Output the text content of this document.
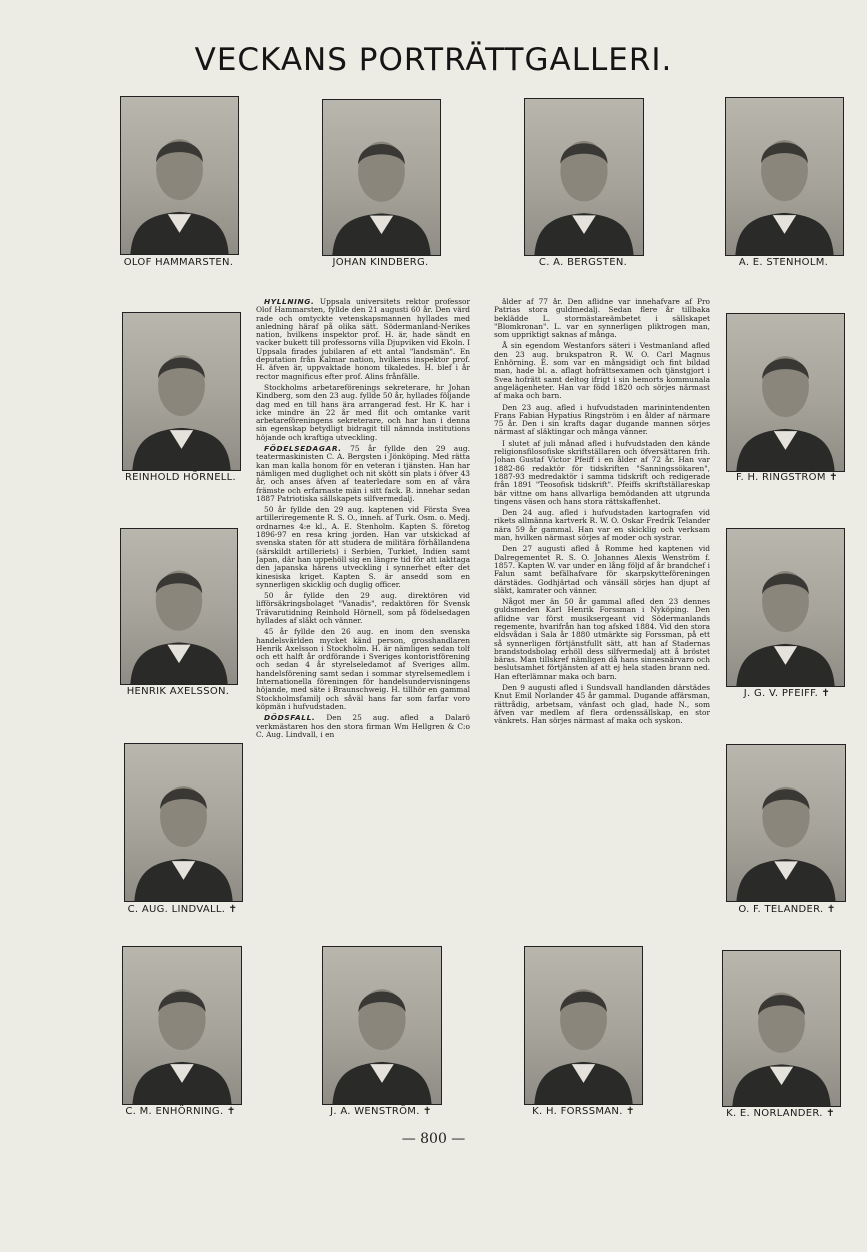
VECKANS PORTRÄTTGALLERI.
OLOF HAMMARSTEN.	JOHAN KINDBERG.	C. A. BERGSTEN.	A. E. STENHOLM.
REINHOLD HÖRNELL.
HENRIK AXELSSON.
C. AUG. LINDVALL. ✝
F. H. RINGSTRÖM ✝
J. G. V. PFEIFF. ✝
O. F. TELANDER. ✝
C. M. ENHÖRNING. ✝	J. A. WENSTRÖM. ✝	K. H. FORSSMAN. ✝	K. E. NORLANDER. ✝

HYLLNING. Uppsala universitets rektor professor Olof Hammarsten, fyllde den 21 augusti 60 år. Den värd rade och omtyckte vetenskapsmannen hyllades med anledning häraf på olika sätt. Södermanland-Nerikes nation, hvilkens inspektor prof. H. är, hade sändt en vacker bukett till professorns villa Djupviken vid Ekoln. I Uppsala firades jubilaren af ett antal "landsmän". En deputation från Kalmar nation, hvilkens inspektor prof. H. äfven är, uppvaktade honom tikaledes. H. blef i år rector magnificus efter prof. Alins frånfälle.

Stockholms arbetareförenings sekreterare, hr Johan Kindberg, som den 23 aug. fyllde 50 år, hyllades följande dag med en till hans ära arrangerad fest. Hr K. har i icke mindre än 22 år med flit och omtanke varit arbetareföreningens sekreterare, och har han i denna sin egenskap betydligt bidragit till nämnda institutions höjande och kraftiga utveckling.

FÖDELSEDAGAR. 75 år fyllde den 29 aug. teatermaskinisten C. A. Bergsten i Jönköping. Med rätta kan man kalla honom för en veteran i tjänsten. Han har nämligen med duglighet och nit skött sin plats i öfver 43 år, och anses äfven af teaterledare som en af våra främste och erfarnaste män i sitt fack. B. innehar sedan 1887 Patriotiska sällskapets silfvermedalj.

50 år fyllde den 29 aug. kaptenen vid Första Svea artilleriregemente R. S. O., inneh. af Turk. Osm. o. Medj. ordnarnes 4:e kl., A. E. Stenholm. Kapten S. företog 1896-97 en resa kring jorden. Han var utskickad af svenska staten för att studera de militära förhållandena (särskildt artilleriets) i Serbien, Turkiet, Indien samt Japan, där han uppehöll sig en längre tid för att iakttaga den japanska härens utveckling i synnerhet efter det kinesiska kriget. Kapten S. är ansedd som en synnerligen skicklig och duglig officer.

50 år fyllde den 29 aug. direktören vid lifförsäkringsbolaget "Vanadis", redaktören för Svensk Trävarutidning Reinhold Hörnell, som på födelsedagen hyllades af släkt och vänner.

45 år fyllde den 26 aug. en inom den svenska handelsvärlden mycket känd person, grosshandlaren Henrik Axelsson i Stockholm. H. är nämligen sedan tolf och ett halft år ordförande i Sveriges kontoristförening och sedan 4 år styrelseledamot af Sveriges allm. handelsförening samt sedan i sommar styrelsemedlem i Internationella föreningen för handelsundervisningens höjande, med säte i Braunschweig. H. tillhör en gammal Stockholmsfamilj och såväl hans far som farfar voro köpmän i hufvudstaden.

DÖDSFALL. Den 25 aug. afled a Dalarö verkmästaren hos den stora firman Wm Hellgren & C:o C. Aug. Lindvall, i en

ålder af 77 år. Den aflidne var innehafvare af Pro Patrias stora guldmedalj. Sedan flere år tillbaka beklädde L. stormästareämbetet i sällskapet "Blomkronan". L. var en synnerligen pliktrogen man, som uppriktigt saknas af många.

Å sin egendom Westanfors säteri i Vestmanland afled den 23 aug. brukspatron R. W. O. Carl Magnus Enhörning. E. som var en mångsidigt och fint bildad man, hade bl. a. aflagt hofrättsexamen och tjänstgjort i Svea hofrätt samt deltog ifrigt i sin hemorts kommunala angelägenheter. Han var född 1820 och sörjes närmast af maka och barn.

Den 23 aug. afled i hufvudstaden marinintendenten Frans Fabian Hypatius Ringström i en ålder af närmare 75 år. Den i sin krafts dagar dugande mannen sörjes närmast af släktingar och många vänner.

I slutet af juli månad afled i hufvudstaden den kände religionsfilosofiske skriftställaren och öfversättaren frih. Johan Gustaf Victor Pfeiff i en ålder af 72 år. Han var 1882-86 redaktör för tidskriften "Sanningssökaren", 1887-93 medredaktör i samma tidskrift och redigerade från 1891 "Teosofisk tidskrift". Pfeiffs skriftställareskap bär vittne om hans allvarliga bemödanden att utgrunda tingens väsen och hans stora rättskaffenhet.

Den 24 aug. afled i hufvudstaden kartografen vid rikets allmänna kartverk R. W. O. Oskar Fredrik Telander nära 59 år gammal. Han var en skicklig och verksam man, hvilken närmast sörjes af moder och systrar.

Den 27 augusti afled å Romme hed kaptenen vid Dalregementet R. S. O. Johannes Alexis Wenström f. 1857. Kapten W. var under en lång följd af år brandchef i Falun samt befälhafvare för skarpskytteföreningen därstädes. Godhjärtad och vänsäll sörjes han djupt af släkt, kamrater och vänner.

Något mer än 50 år gammal afled den 23 dennes guldsmeden Karl Henrik Forssman i Nyköping. Den aflidne var först musiksergeant vid Södermanlands regemente, hvarifrån han tog afsked 1884. Vid den stora eldsvådan i Sala år 1880 utmärkte sig Forssman, på ett så synnerligen förtjänstfullt sätt, att han af Stadernas brandstodsbolag erhöll dess silfvermedalj att å bröstet bäras. Man tillskref nämligen då hans sinnesnärvaro och beslutsamhet förtjänsten af att ej hela staden brann ned. Han efterlämnar maka och barn.

Den 9 augusti afled i Sundsvall handlanden därstädes Knut Emil Norlander 45 år gammal. Dugande affärsman, rättrådig, arbetsam, vänfast och glad, hade N., som äfven var medlem af flera ordenssällskap, en stor vänkrets. Han sörjes närmast af maka och syskon.

— 800 —
